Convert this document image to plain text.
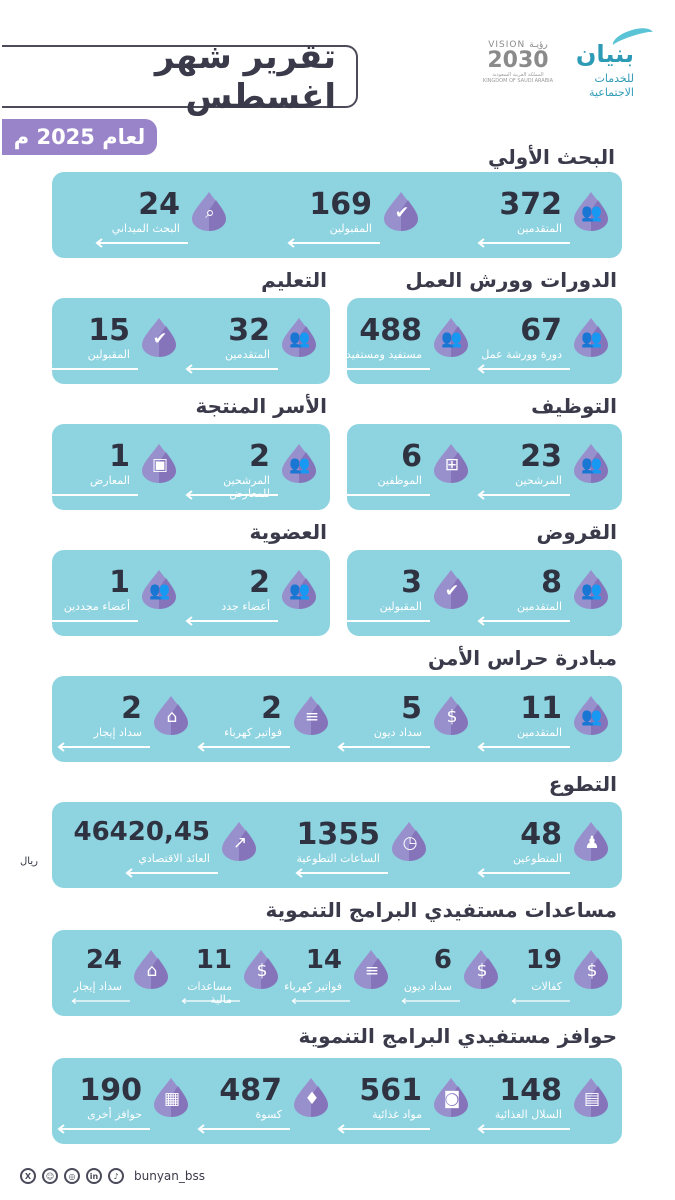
تقرير شهر اغسطس
لعام 2025 م
بنيان
للخدمات
الاجتماعية
VISION رؤيـة
2030
المملكة العربية السعودية KINGDOM OF SAUDI ARABIA
البحث الأولي
الدورات وورش العمل
التعليم
التوظيف
الأسر المنتجة
القروض
العضوية
مبادرة حراس الأمن
التطوع
مساعدات مستفيدي البرامج التنموية
حوافز مستفيدي البرامج التنموية
👥
372
المتقدمين
✔
169
المقبولين
⌕
24
البحث الميداني
👥
67
دورة وورشة عمل
👥
488
مستفيد ومستفيدة
👥
32
المتقدمين
✔
15
المقبولين
👥
23
المرشحين
⊞
6
الموظفين
👥
2
المرشحين للمعارض
▣
1
المعارض
👥
8
المتقدمين
✔
3
المقبولين
👥
2
أعضاء جدد
👥
1
أعضاء مجددين
👥
11
المتقدمين
$
5
سداد ديون
≡
2
فواتير كهرباء
⌂
2
سداد إيجار
♟
48
المتطوعين
◷
1355
الساعات التطوعية
↗
46420,45
العائد الاقتصادي
$
19
كفالات
$
6
سداد ديون
≡
14
فواتير كهرباء
$
11
مساعدات مالية
⌂
24
سداد إيجار
▤
148
السلال الغذائية
◙
561
مواد غذائية
♦
487
كسوة
▦
190
حوافز أخرى
ريال
X	☺	◎	in	♪	bunyan_bss
